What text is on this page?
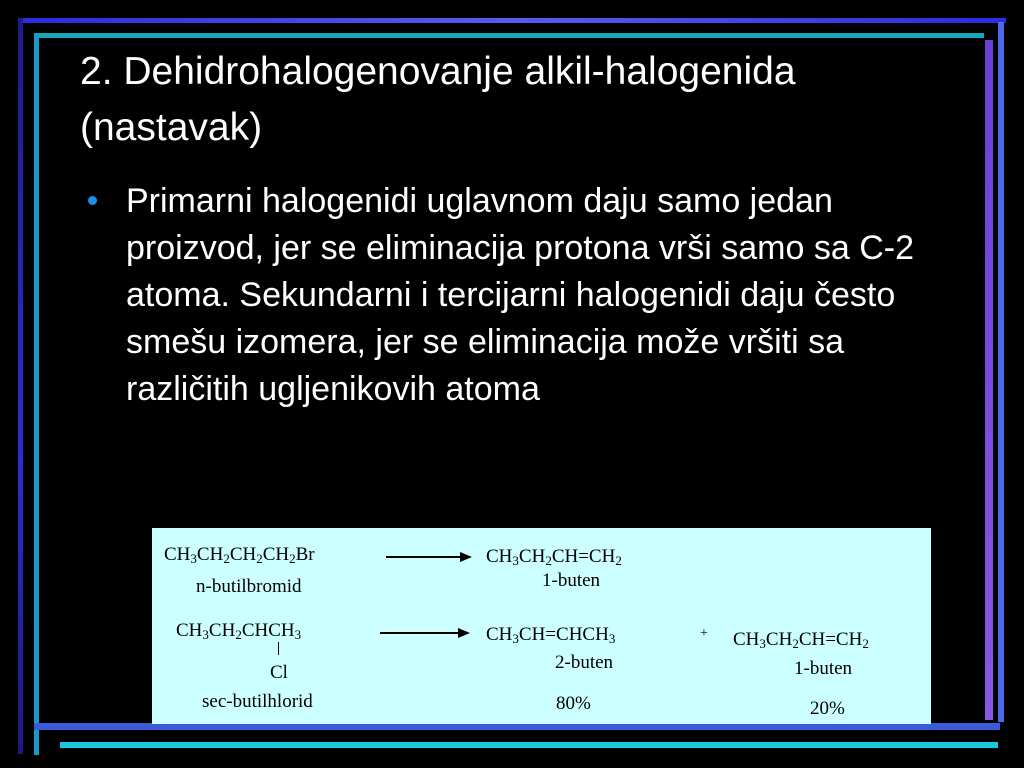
2. Dehidrohalogenovanje alkil-halogenida (nastavak)
Primarni halogenidi uglavnom daju samo jedan proizvod, jer se eliminacija protona vrši samo sa C-2 atoma. Sekundarni i tercijarni halogenidi daju često smešu izomera, jer se eliminacija može vršiti sa različitih ugljenikovih atoma
$CH_3CH_2CH_2CH_2Br$
n-butilbromid
$CH_3CH_2CH=CH_2$
1-buten
$CH_3CH_2CHCH_3$
Cl
sec-butilhlorid
$CH_3CH=CHCH_3$
2-buten
80%
+ $CH_3CH_2CH=CH_2$
1-buten
20%
